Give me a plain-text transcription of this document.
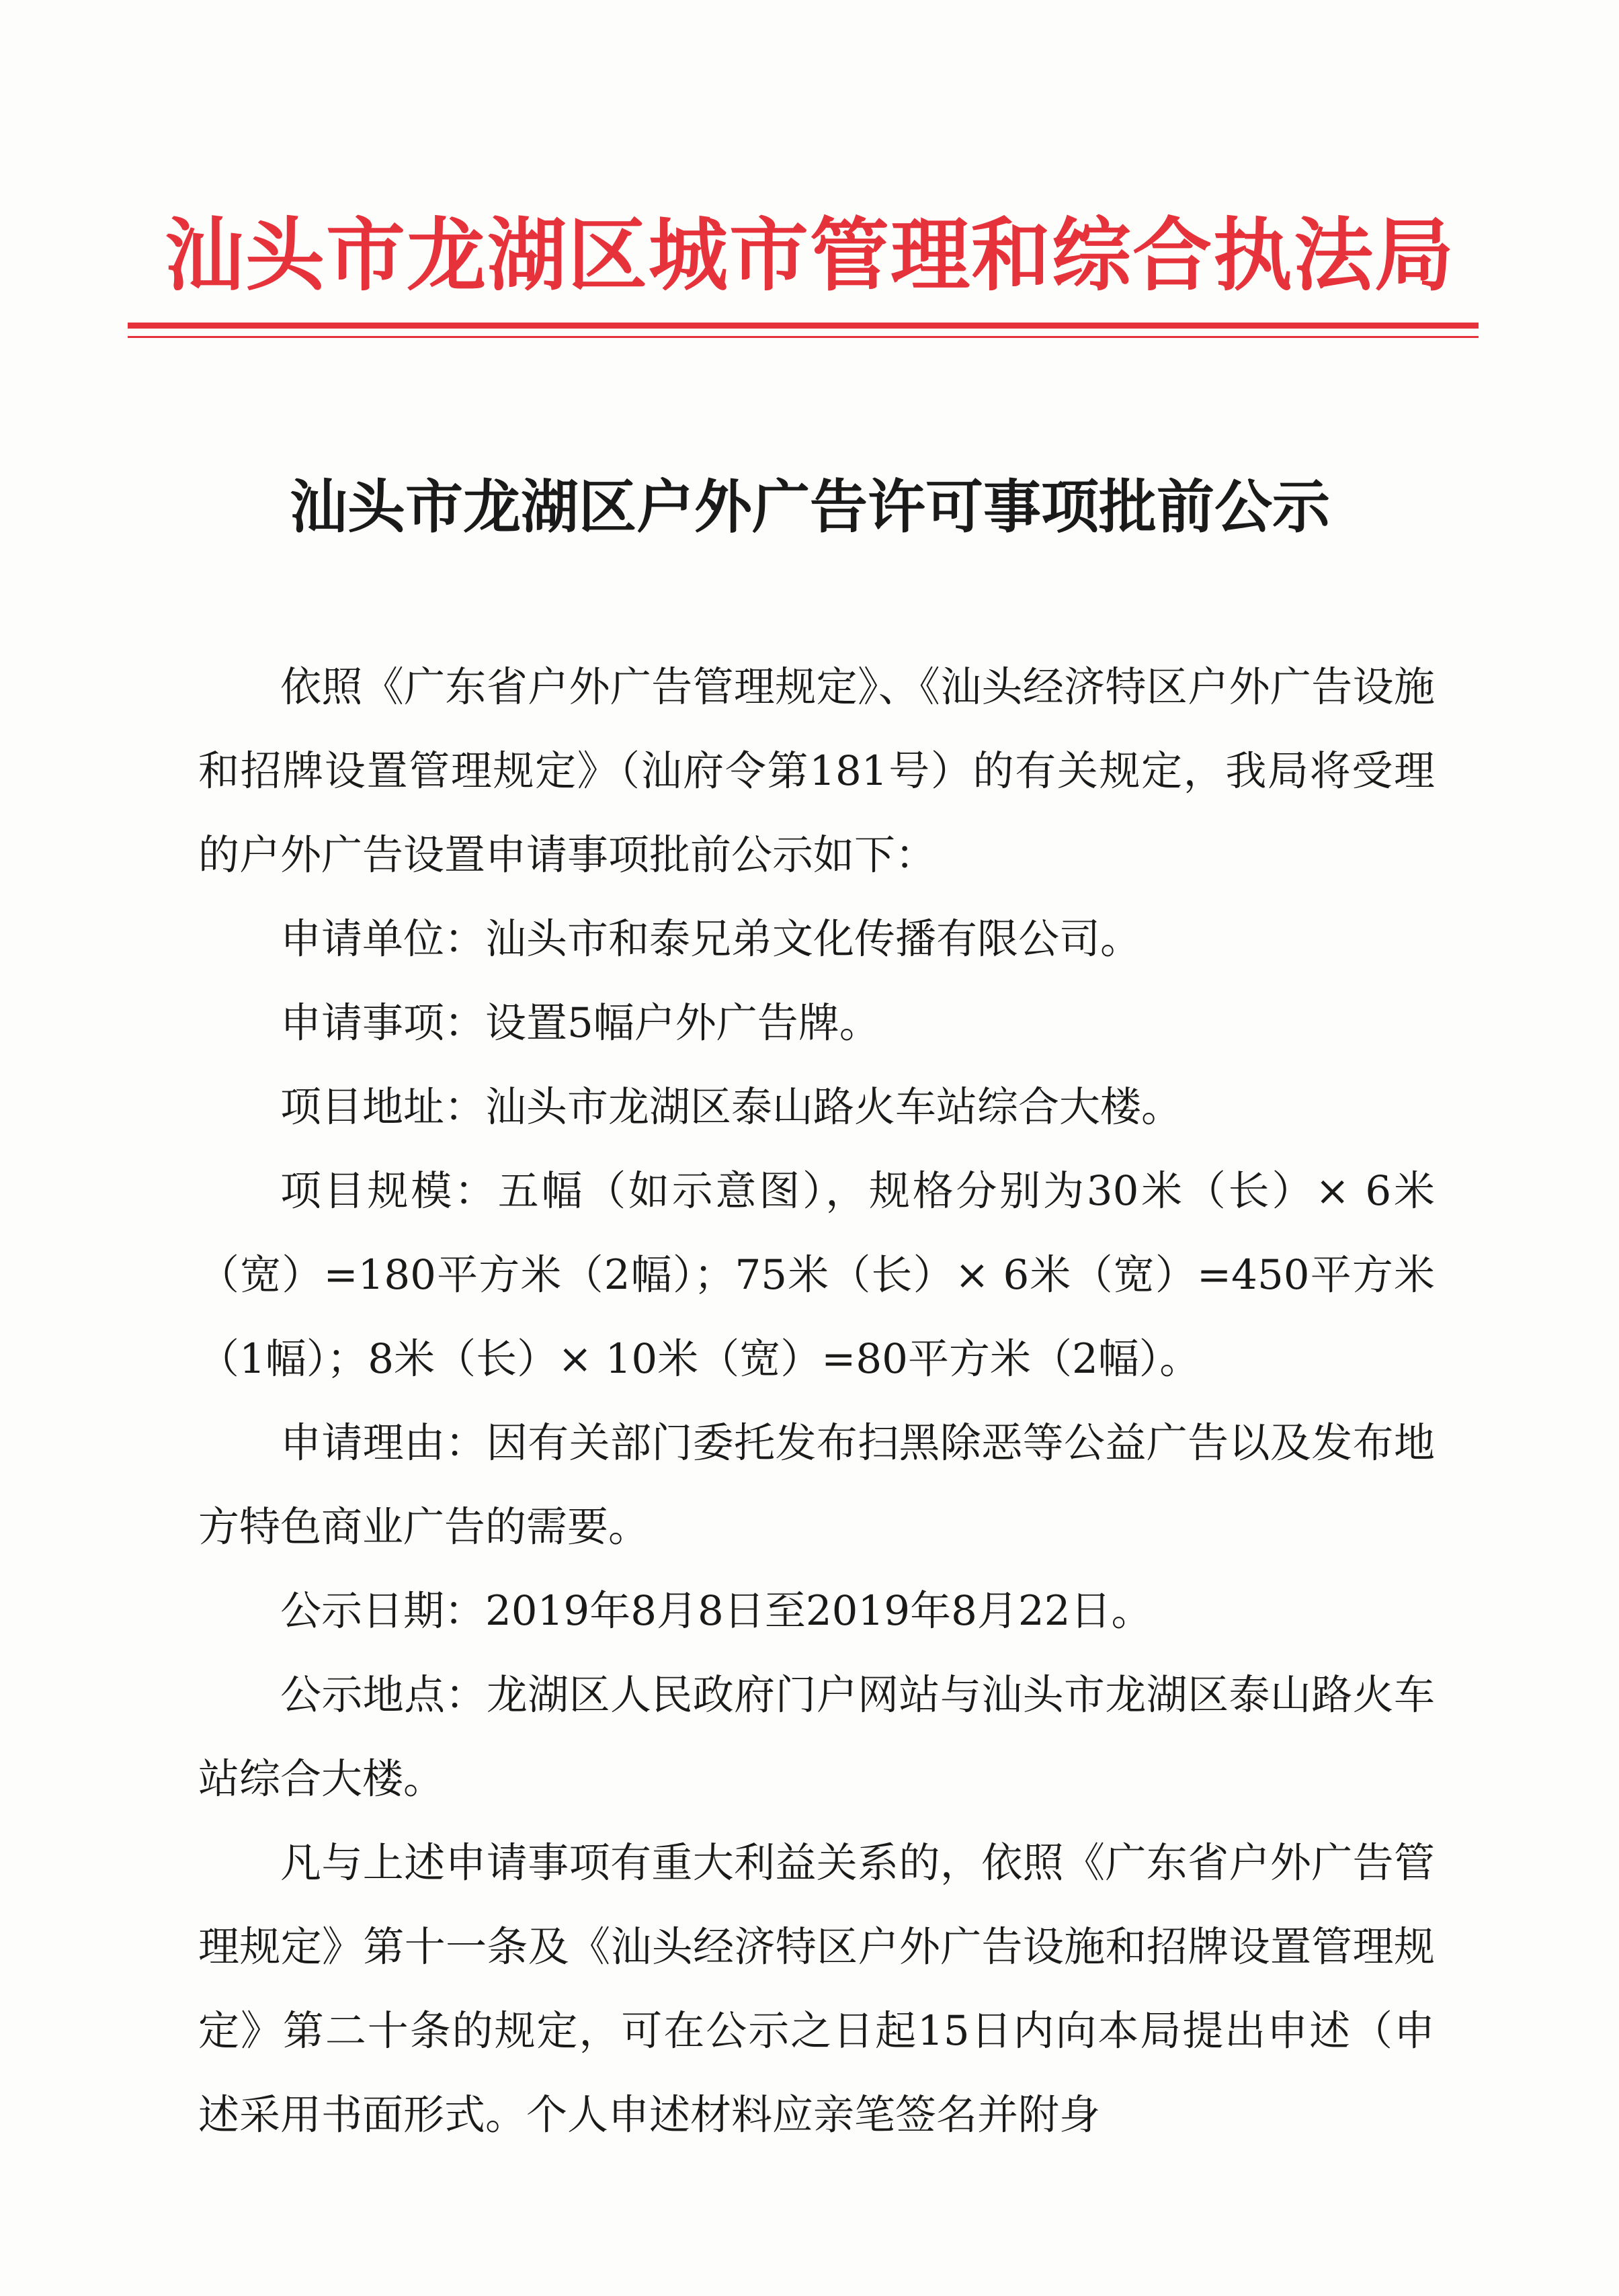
汕头市龙湖区城市管理和综合执法局
汕头市龙湖区户外广告许可事项批前公示

依照《广东省户外广告管理规定》、《汕头经济特区户外广告设施和招牌设置管理规定》（汕府令第181号）的有关规定，我局将受理的户外广告设置申请事项批前公示如下：

申请单位：汕头市和泰兄弟文化传播有限公司。

申请事项：设置5幅户外广告牌。

项目地址：汕头市龙湖区泰山路火车站综合大楼。

项目规模：五幅（如示意图），规格分别为30米（长）× 6米（宽）=180平方米（2幅）；75米（长）× 6米（宽）=450平方米（1幅）；8米（长）× 10米（宽）=80平方米（2幅）。

申请理由：因有关部门委托发布扫黑除恶等公益广告以及发布地方特色商业广告的需要。

公示日期：2019年8月8日至2019年8月22日。

公示地点：龙湖区人民政府门户网站与汕头市龙湖区泰山路火车站综合大楼。

凡与上述申请事项有重大利益关系的，依照《广东省户外广告管理规定》第十一条及《汕头经济特区户外广告设施和招牌设置管理规定》第二十条的规定，可在公示之日起15日内向本局提出申述（申述采用书面形式。个人申述材料应亲笔签名并附身
